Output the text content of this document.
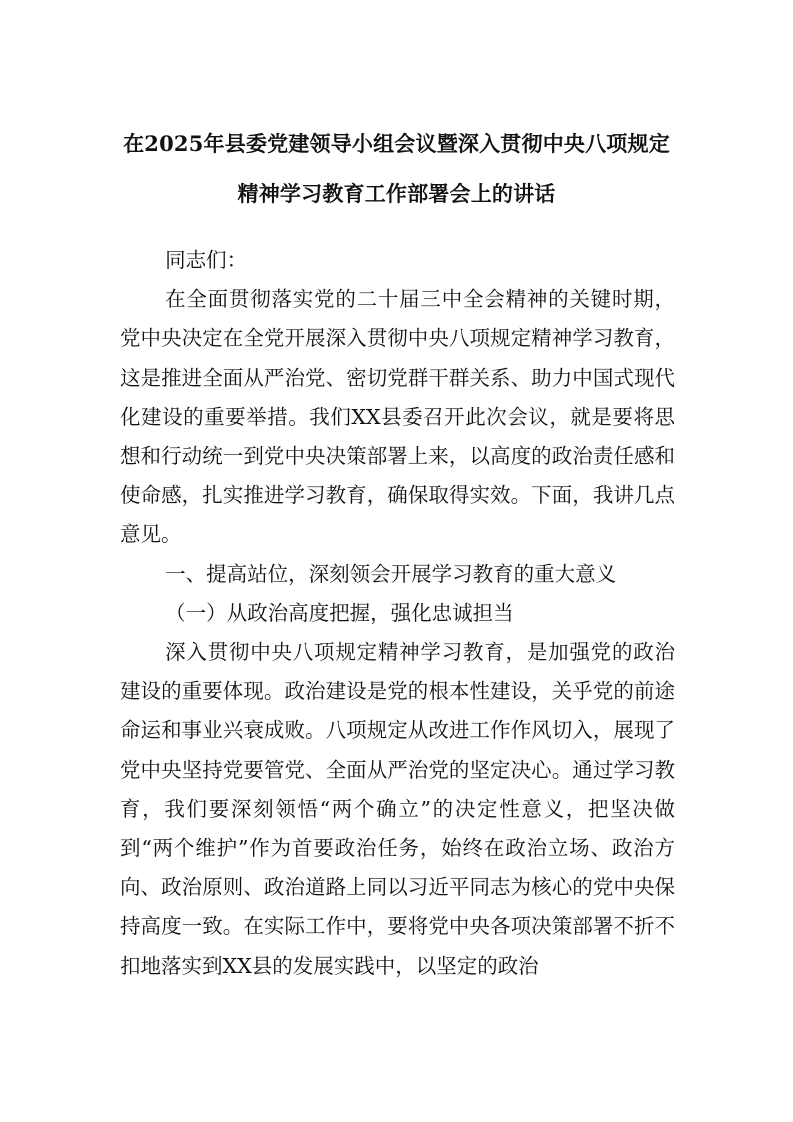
在2025年县委党建领导小组会议暨深入贯彻中央八项规定
精神学习教育工作部署会上的讲话

同志们：

在全面贯彻落实党的二十届三中全会精神的关键时期，党中央决定在全党开展深入贯彻中央八项规定精神学习教育，这是推进全面从严治党、密切党群干群关系、助力中国式现代化建设的重要举措。我们XX县委召开此次会议，就是要将思想和行动统一到党中央决策部署上来，以高度的政治责任感和使命感，扎实推进学习教育，确保取得实效。下面，我讲几点意见。

一、提高站位，深刻领会开展学习教育的重大意义

（一）从政治高度把握，强化忠诚担当

深入贯彻中央八项规定精神学习教育，是加强党的政治建设的重要体现。政治建设是党的根本性建设，关乎党的前途命运和事业兴衰成败。八项规定从改进工作作风切入，展现了党中央坚持党要管党、全面从严治党的坚定决心。通过学习教育，我们要深刻领悟“两个确立”的决定性意义，把坚决做到“两个维护”作为首要政治任务，始终在政治立场、政治方向、政治原则、政治道路上同以习近平同志为核心的党中央保持高度一致。在实际工作中，要将党中央各项决策部署不折不扣地落实到XX县的发展实践中，以坚定的政治
